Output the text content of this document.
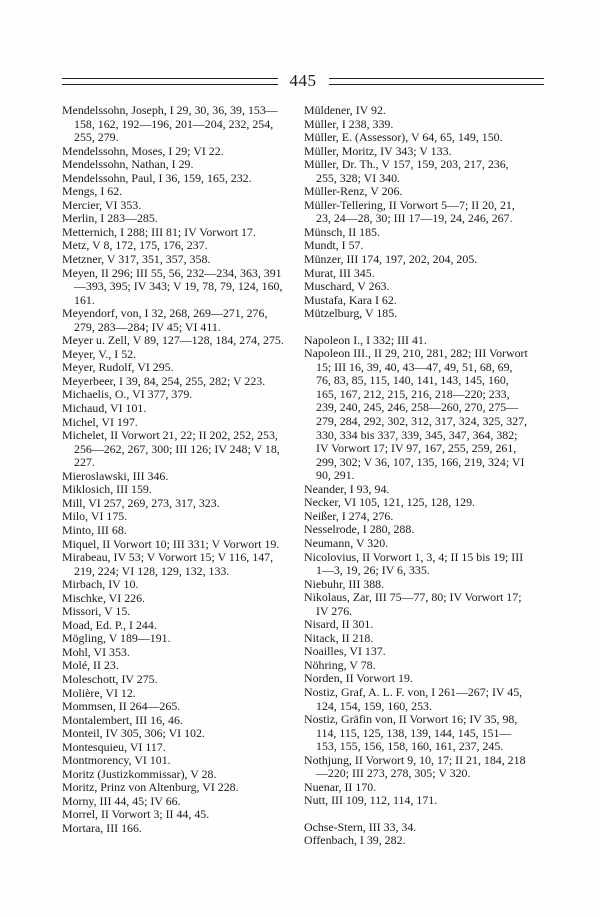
445

Mendelssohn, Joseph, I 29, 30, 36, 39, 153—158, 162, 192—196, 201—204, 232, 254, 255, 279.

Mendelssohn, Moses, I 29; VI 22.

Mendelssohn, Nathan, I 29.

Mendelssohn, Paul, I 36, 159, 165, 232.

Mengs, I 62.

Mercier, VI 353.

Merlin, I 283—285.

Metternich, I 288; III 81; IV Vorwort 17.

Metz, V 8, 172, 175, 176, 237.

Metzner, V 317, 351, 357, 358.

Meyen, II 296; III 55, 56, 232—234, 363, 391—393, 395; IV 343; V 19, 78, 79, 124, 160, 161.

Meyendorf, von, I 32, 268, 269—271, 276, 279, 283—284; IV 45; VI 411.

Meyer u. Zell, V 89, 127—128, 184, 274, 275.

Meyer, V., I 52.

Meyer, Rudolf, VI 295.

Meyerbeer, I 39, 84, 254, 255, 282; V 223.

Michaelis, O., VI 377, 379.

Michaud, VI 101.

Michel, VI 197.

Michelet, II Vorwort 21, 22; II 202, 252, 253, 256—262, 267, 300; III 126; IV 248; V 18, 227.

Mieroslawski, III 346.

Miklosich, III 159.

Mill, VI 257, 269, 273, 317, 323.

Milo, VI 175.

Minto, III 68.

Miquel, II Vorwort 10; III 331; V Vorwort 19.

Mirabeau, IV 53; V Vorwort 15; V 116, 147, 219, 224; VI 128, 129, 132, 133.

Mirbach, IV 10.

Mischke, VI 226.

Missori, V 15.

Moad, Ed. P., I 244.

Mögling, V 189—191.

Mohl, VI 353.

Molé, II 23.

Moleschott, IV 275.

Molière, VI 12.

Mommsen, II 264—265.

Montalembert, III 16, 46.

Monteil, IV 305, 306; VI 102.

Montesquieu, VI 117.

Montmorency, VI 101.

Moritz (Justizkommissar), V 28.

Moritz, Prinz von Altenburg, VI 228.

Morny, III 44, 45; IV 66.

Morrel, II Vorwort 3; II 44, 45.

Mortara, III 166.

Müldener, IV 92.

Müller, I 238, 339.

Müller, E. (Assessor), V 64, 65, 149, 150.

Müller, Moritz, IV 343; V 133.

Müller, Dr. Th., V 157, 159, 203, 217, 236, 255, 328; VI 340.

Müller-Renz, V 206.

Müller-Tellering, II Vorwort 5—7; II 20, 21, 23, 24—28, 30; III 17—19, 24, 246, 267.

Münsch, II 185.

Mundt, I 57.

Münzer, III 174, 197, 202, 204, 205.

Murat, III 345.

Muschard, V 263.

Mustafa, Kara I 62.

Mützelburg, V 185.

Napoleon I., I 332; III 41.

Napoleon III., II 29, 210, 281, 282; III Vorwort 15; III 16, 39, 40, 43—47, 49, 51, 68, 69, 76, 83, 85, 115, 140, 141, 143, 145, 160, 165, 167, 212, 215, 216, 218—220; 233, 239, 240, 245, 246, 258—260, 270, 275—279, 284, 292, 302, 312, 317, 324, 325, 327, 330, 334 bis 337, 339, 345, 347, 364, 382; IV Vorwort 17; IV 97, 167, 255, 259, 261, 299, 302; V 36, 107, 135, 166, 219, 324; VI 90, 291.

Neander, I 93, 94.

Necker, VI 105, 121, 125, 128, 129.

Neißer, I 274, 276.

Nesselrode, I 280, 288.

Neumann, V 320.

Nicolovius, II Vorwort 1, 3, 4; II 15 bis 19; III 1—3, 19, 26; IV 6, 335.

Niebuhr, III 388.

Nikolaus, Zar, III 75—77, 80; IV Vorwort 17; IV 276.

Nisard, II 301.

Nitack, II 218.

Noailles, VI 137.

Nöhring, V 78.

Norden, II Vorwort 19.

Nostiz, Graf, A. L. F. von, I 261—267; IV 45, 124, 154, 159, 160, 253.

Nostiz, Gräfin von, II Vorwort 16; IV 35, 98, 114, 115, 125, 138, 139, 144, 145, 151—153, 155, 156, 158, 160, 161, 237, 245.

Nothjung, II Vorwort 9, 10, 17; II 21, 184, 218—220; III 273, 278, 305; V 320.

Nuenar, II 170.

Nutt, III 109, 112, 114, 171.

Ochse-Stern, III 33, 34.

Offenbach, I 39, 282.
